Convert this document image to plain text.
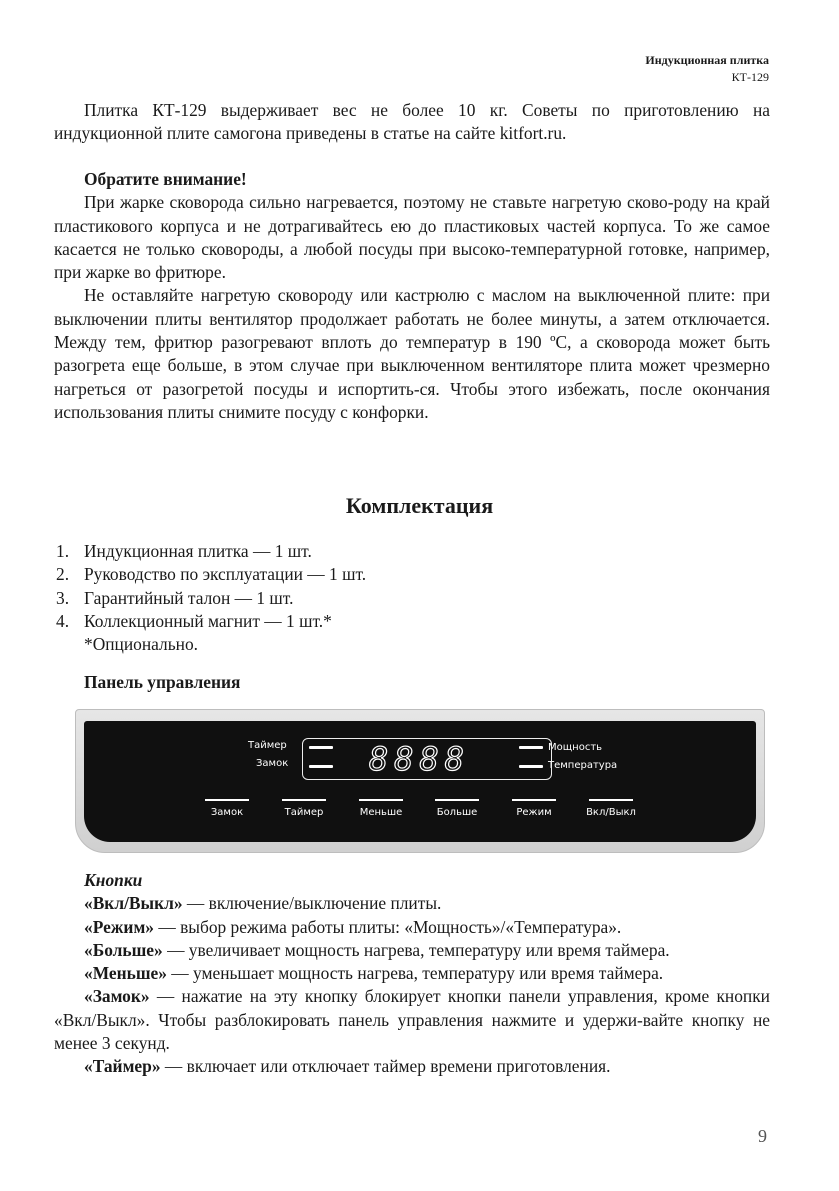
Индукционная плитка
КТ-129

Плитка КТ-129 выдерживает вес не более 10 кг. Советы по приготовлению на индукционной плите самогона приведены в статье на сайте kitfort.ru.

Обратите внимание!

При жарке сковорода сильно нагревается, поэтому не ставьте нагретую сково-роду на край пластикового корпуса и не дотрагивайтесь ею до пластиковых частей корпуса. То же самое касается не только сковороды, а любой посуды при высоко-температурной готовке, например, при жарке во фритюре.

Не оставляйте нагретую сковороду или кастрюлю с маслом на выключенной плите: при выключении плиты вентилятор продолжает работать не более минуты, а затем отключается. Между тем, фритюр разогревают вплоть до температур в 190 ºC, а сковорода может быть разогрета еще больше, в этом случае при выключенном вентиляторе плита может чрезмерно нагреться от разогретой посуды и испортить-ся. Чтобы этого избежать, после окончания использования плиты снимите посуду с конфорки.

Комплектация
1. Индукционная плитка — 1 шт.
2. Руководство по эксплуатации — 1 шт.
3. Гарантийный талон — 1 шт.
4. Коллекционный магнит — 1 шт.*
*Опционально.
Панель управления
Таймер
Замок
Мощность
Температура
8888
Замок	Таймер	Меньше	Больше	Режим	Вкл/Выкл

Кнопки

«Вкл/Выкл» — включение/выключение плиты.

«Режим» — выбор режима работы плиты: «Мощность»/«Температура».

«Больше» — увеличивает мощность нагрева, температуру или время таймера.

«Меньше» — уменьшает мощность нагрева, температуру или время таймера.

«Замок» — нажатие на эту кнопку блокирует кнопки панели управления, кроме кнопки «Вкл/Выкл». Чтобы разблокировать панель управления нажмите и удержи-вайте кнопку не менее 3 секунд.

«Таймер» — включает или отключает таймер времени приготовления.

9
